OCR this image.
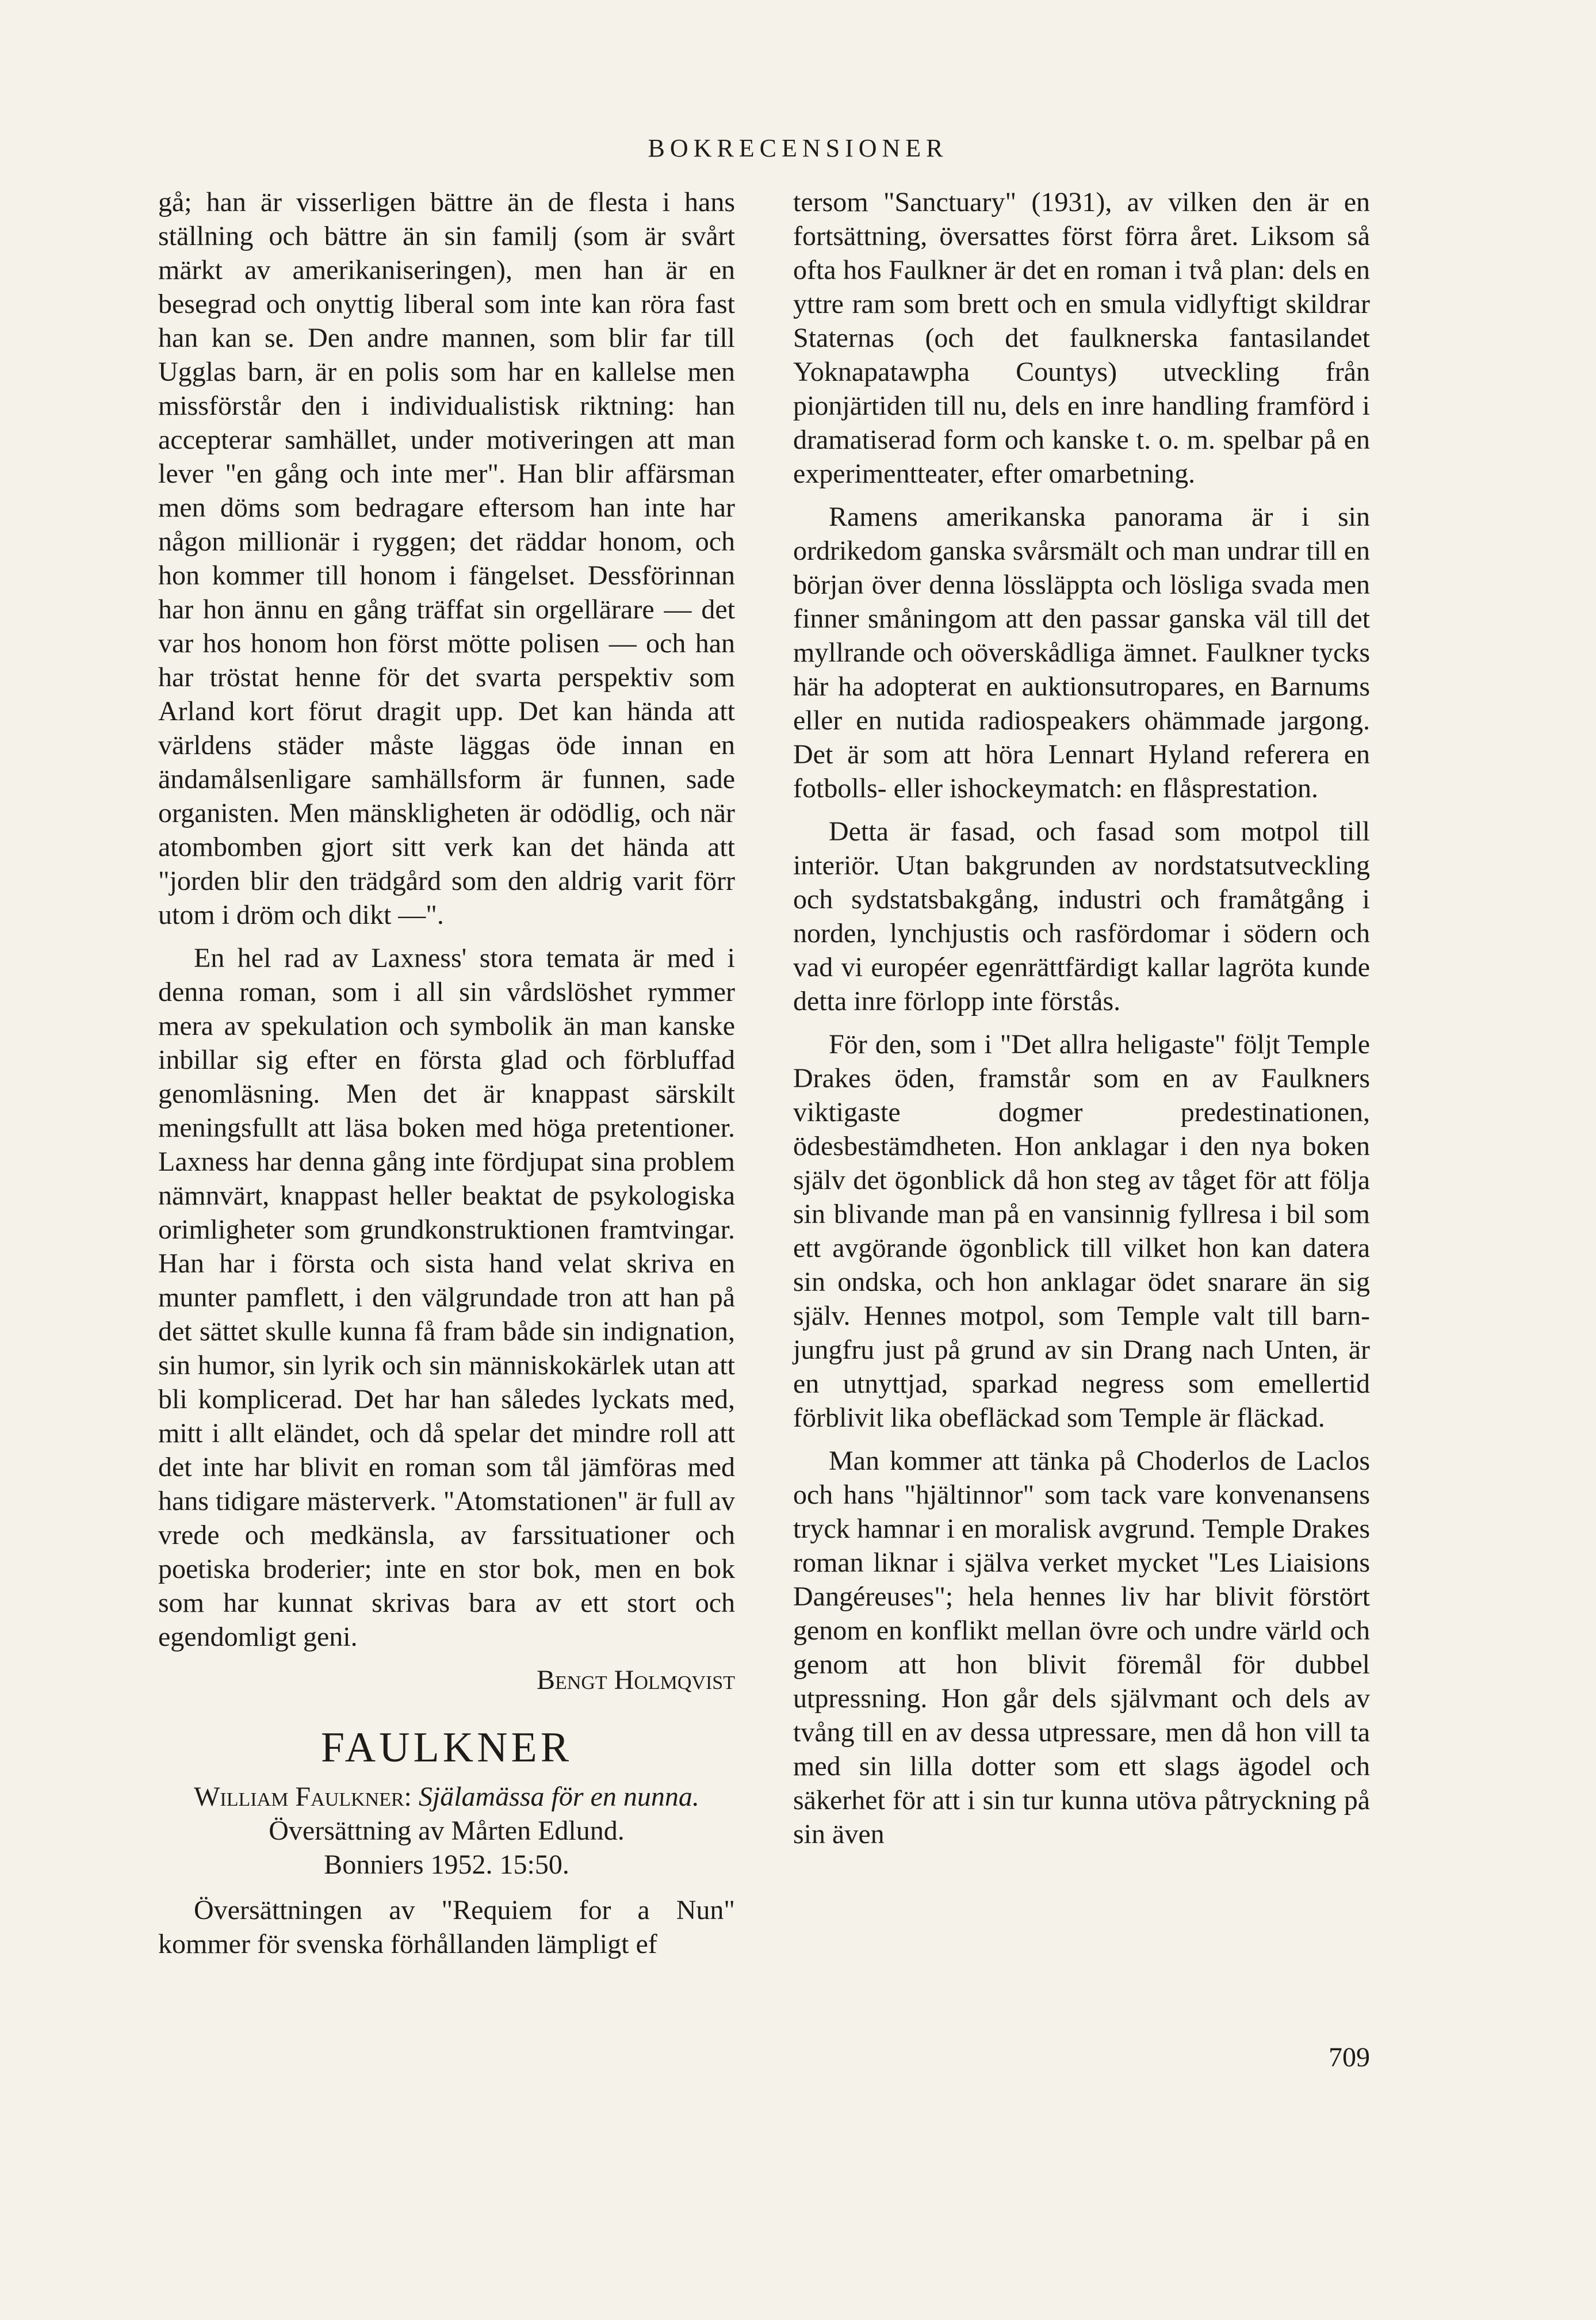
BOKRECENSIONER

gå; han är visserligen bättre än de flesta i hans ställning och bättre än sin familj (som är svårt märkt av amerikaniseringen), men han är en besegrad och onyttig liberal som inte kan röra fast han kan se. Den andre mannen, som blir far till Ugglas barn, är en polis som har en kallelse men missförstår den i individualistisk riktning: han accepterar samhället, under motiveringen att man lever "en gång och inte mer". Han blir affärsman men döms som bedragare eftersom han inte har någon millionär i ryggen; det räddar honom, och hon kommer till honom i fängelset. Dessförinnan har hon ännu en gång träffat sin orgellärare — det var hos honom hon först mötte polisen — och han har tröstat henne för det svarta perspektiv som Arland kort förut dragit upp. Det kan hända att världens städer måste läggas öde innan en ändamålsenligare samhällsform är funnen, sade organisten. Men mänskligheten är odödlig, och när atombomben gjort sitt verk kan det hända att "jorden blir den trädgård som den aldrig varit förr utom i dröm och dikt —".

En hel rad av Laxness' stora temata är med i denna roman, som i all sin vårdslöshet rymmer mera av spekulation och symbolik än man kanske inbillar sig efter en första glad och förbluffad genomläsning. Men det är knappast särskilt meningsfullt att läsa boken med höga pretentioner. Laxness har denna gång inte fördjupat sina problem nämnvärt, knappast heller beaktat de psykologiska orimligheter som grundkonstruktionen framtvingar. Han har i första och sista hand velat skriva en munter pamflett, i den välgrundade tron att han på det sättet skulle kunna få fram både sin indignation, sin humor, sin lyrik och sin människokärlek utan att bli komplicerad. Det har han således lyckats med, mitt i allt eländet, och då spelar det mindre roll att det inte har blivit en roman som tål jämföras med hans tidigare mästerverk. "Atomstationen" är full av vrede och medkänsla, av farssituationer och poetiska broderier; inte en stor bok, men en bok som har kunnat skrivas bara av ett stort och egendomligt geni.

Bengt Holmqvist

FAULKNER
William Faulkner: Själamässa för en nunna.
Översättning av Mårten Edlund.
Bonniers 1952. 15:50.

Översättningen av "Requiem for a Nun" kommer för svenska förhållanden lämpligt ef

tersom "Sanctuary" (1931), av vilken den är en fortsättning, översattes först förra året. Liksom så ofta hos Faulkner är det en roman i två plan: dels en yttre ram som brett och en smula vidlyftigt skildrar Staternas (och det faulknerska fantasilandet Yoknapatawpha Countys) utveckling från pionjärtiden till nu, dels en inre handling framförd i dramatiserad form och kanske t. o. m. spelbar på en experimentteater, efter omarbetning.

Ramens amerikanska panorama är i sin ordrikedom ganska svårsmält och man undrar till en början över denna lössläppta och lösliga svada men finner småningom att den passar ganska väl till det myllrande och oöverskådliga ämnet. Faulkner tycks här ha adopterat en auktionsutropares, en Barnums eller en nutida radiospeakers ohämmade jargong. Det är som att höra Lennart Hyland referera en fotbolls- eller ishockeymatch: en flåsprestation.

Detta är fasad, och fasad som motpol till interiör. Utan bakgrunden av nordstatsutveckling och sydstatsbakgång, industri och framåtgång i norden, lynchjustis och rasfördomar i södern och vad vi européer egenrättfärdigt kallar lagröta kunde detta inre förlopp inte förstås.

För den, som i "Det allra heligaste" följt Temple Drakes öden, framstår som en av Faulkners viktigaste dogmer predestinationen, ödesbestämdheten. Hon anklagar i den nya boken själv det ögonblick då hon steg av tåget för att följa sin blivande man på en vansinnig fyllresa i bil som ett avgörande ögonblick till vilket hon kan datera sin ondska, och hon anklagar ödet snarare än sig själv. Hennes motpol, som Temple valt till barnjungfru just på grund av sin Drang nach Unten, är en utnyttjad, sparkad negress som emellertid förblivit lika obefläckad som Temple är fläckad.

Man kommer att tänka på Choderlos de Laclos och hans "hjältinnor" som tack vare konvenansens tryck hamnar i en moralisk avgrund. Temple Drakes roman liknar i själva verket mycket "Les Liaisions Dangéreuses"; hela hennes liv har blivit förstört genom en konflikt mellan övre och undre värld och genom att hon blivit föremål för dubbel utpressning. Hon går dels självmant och dels av tvång till en av dessa utpressare, men då hon vill ta med sin lilla dotter som ett slags ägodel och säkerhet för att i sin tur kunna utöva påtryckning på sin även

709
